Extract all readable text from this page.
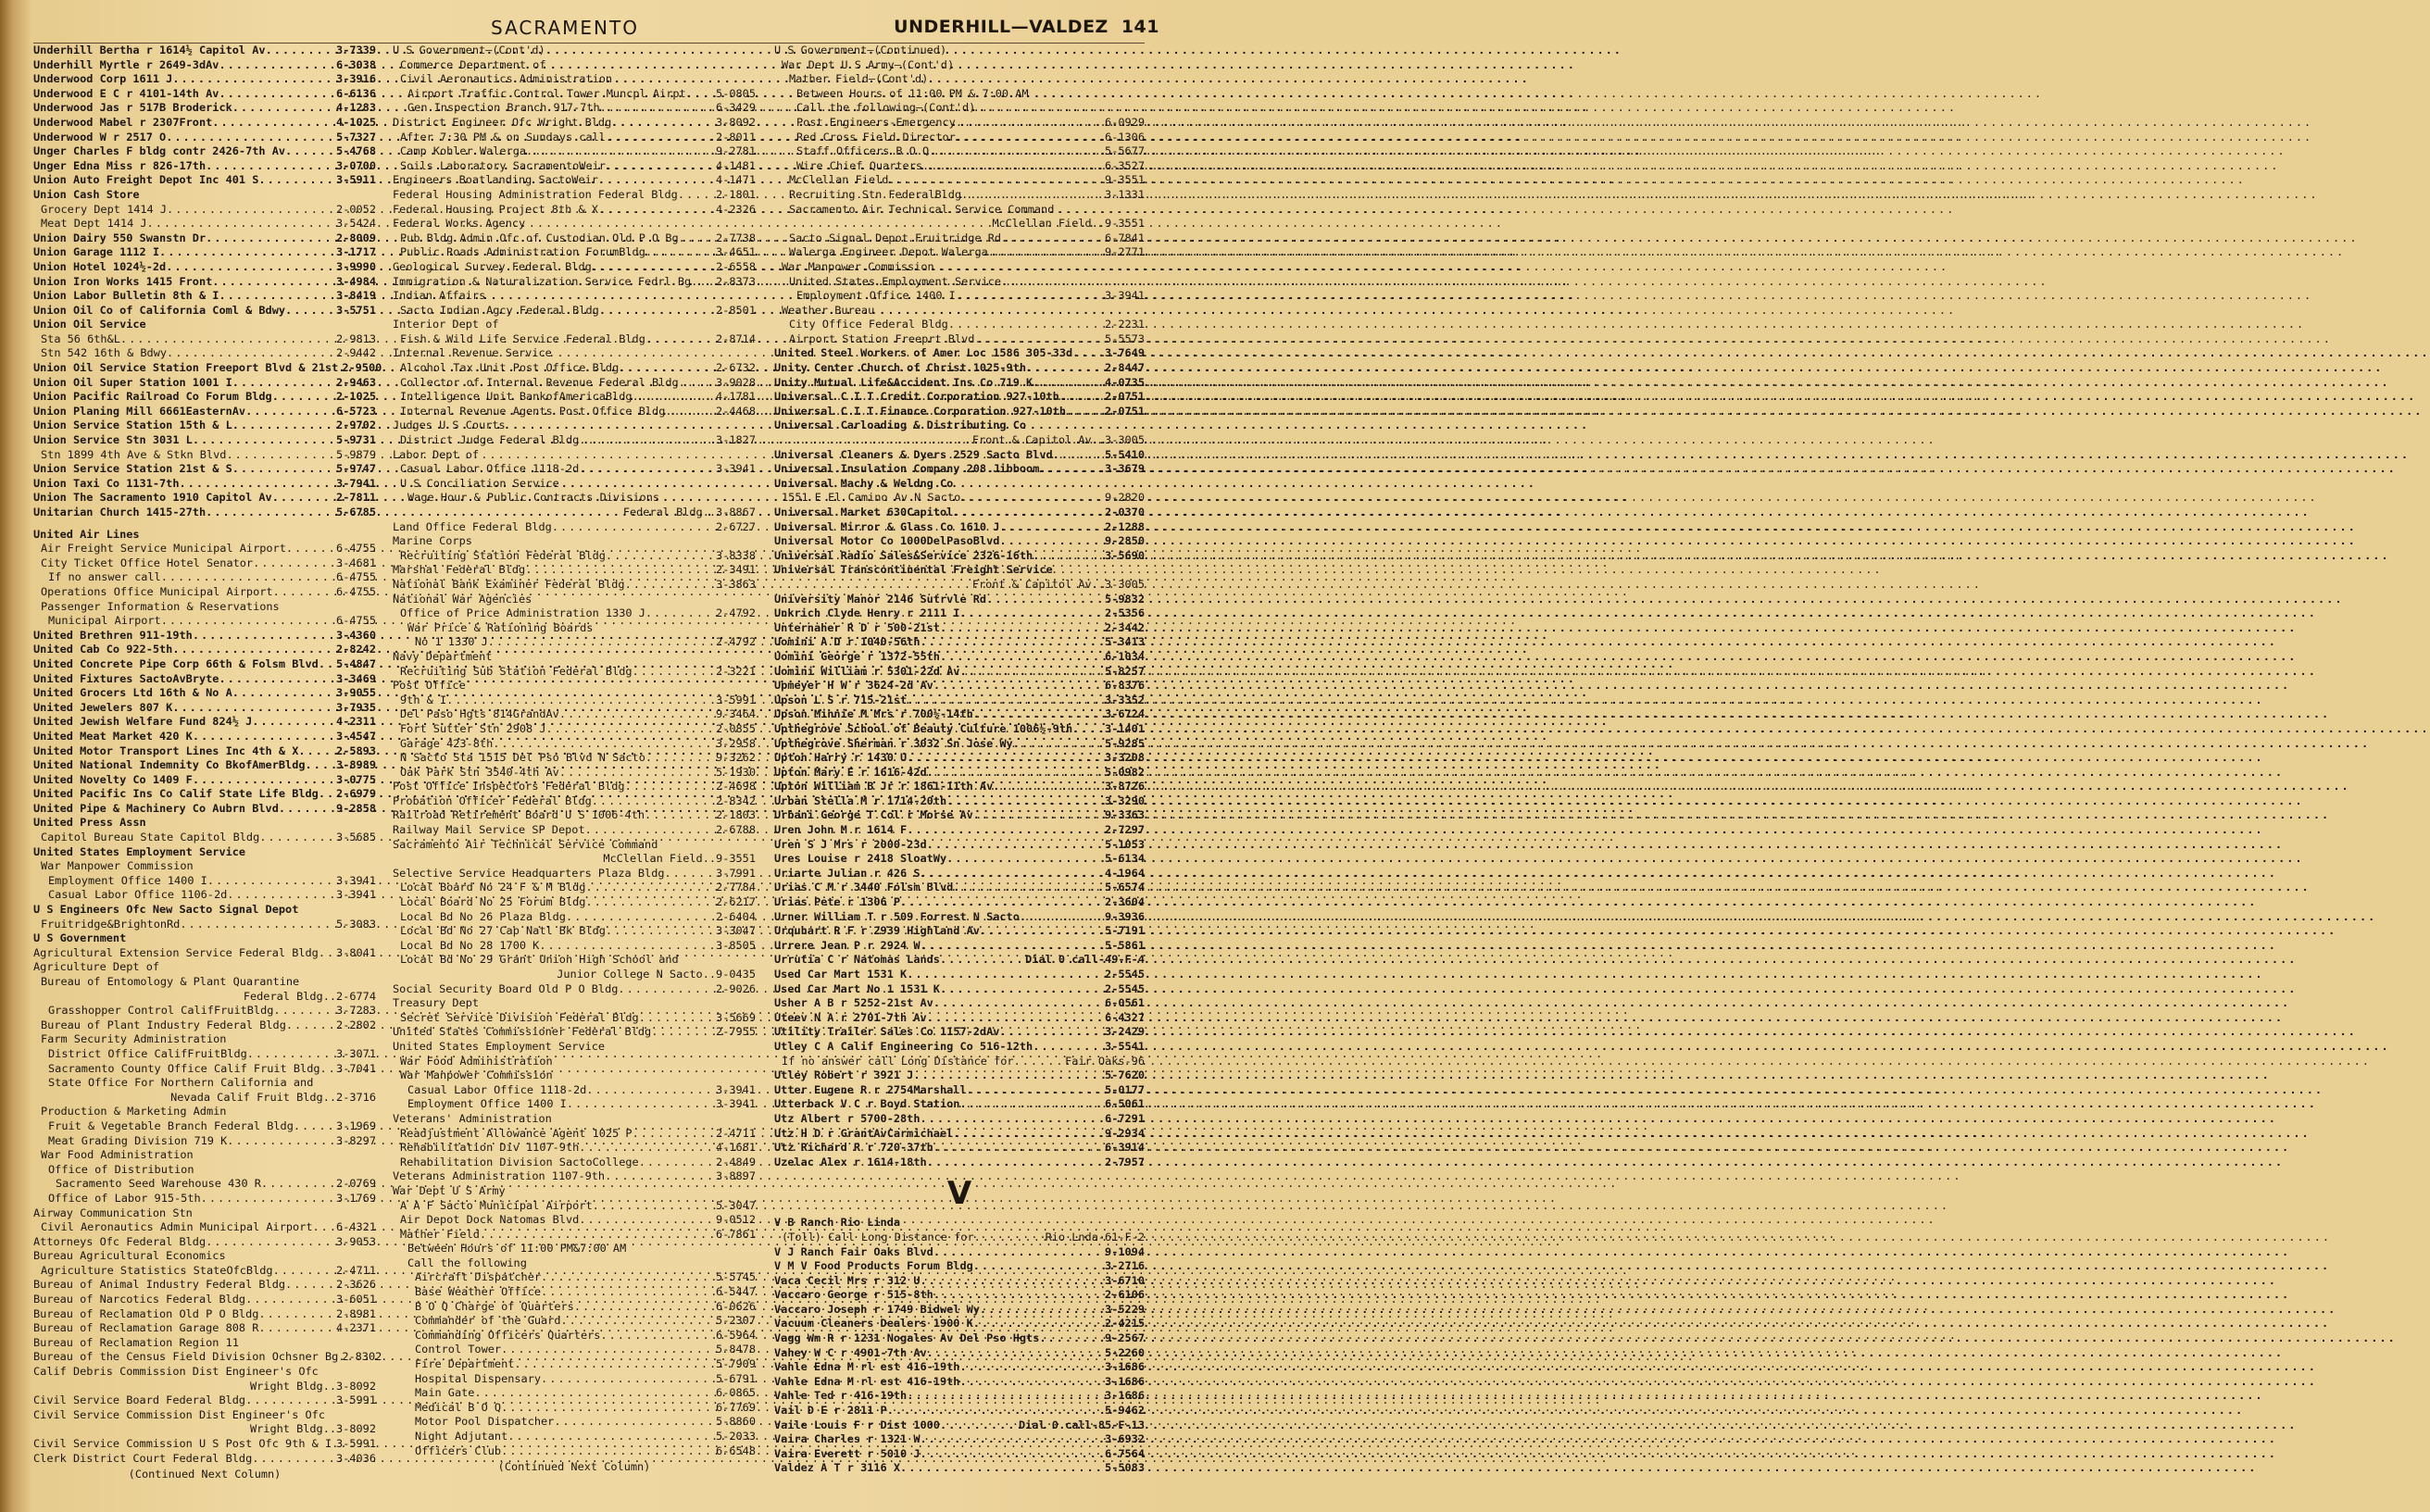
SACRAMENTO	UNDERHILL—VALDEZ 141
Underhill Bertha r 1614½ Capitol Av .....	3-7339
Underhill Myrtle r 2649-3dAv .....	6-3038
Underwood Corp 1611 J .....	3-3916
Underwood E C r 4101-14th Av .....	6-6136
Underwood Jas r 517B Broderick .....	4-1283
Underwood Mabel r 2307Front .....	4-1025
Underwood W r 2517 O .....	5-7327
Unger Charles F bldg contr 2426-7th Av .....	5-4768
Unger Edna Miss r 826-17th .....	3-0700
Union Auto Freight Depot Inc 401 S .....	3-5911
Union Cash Store
Grocery Dept 1414 J .....	2-0052
Meat Dept 1414 J .....	3-5424
Union Dairy 550 Swanstn Dr .....	2-8009
Union Garage 1112 I .....	3-1717
Union Hotel 1024½-2d .....	3-9990
Union Iron Works 1415 Front .....	3-4984
Union Labor Bulletin 8th & I .....	3-8419
Union Oil Co of California Coml & Bdwy .....	3-5751
Union Oil Service
Sta 56 6th&L .....	2-9813
Stn 542 16th & Bdwy .....	2-9442
Union Oil Service Station Freeport Blvd & 21st ..... 2-9500
Union Oil Super Station 1001 I .....	2-9463
Union Pacific Railroad Co Forum Bldg .....	2-1025
Union Planing Mill 6661EasternAv .....	6-5723
Union Service Station 15th & L .....	2-9702
Union Service Stn 3031 L .....	5-9731
Stn 1899 4th Ave & Stkn Blvd .....	5-9879
Union Service Station 21st & S .....	5-9747
Union Taxi Co 1131-7th .....	3-7941
Union The Sacramento 1910 Capitol Av .....	2-7811
Unitarian Church 1415-27th .....	5-6785
United Air Lines
Air Freight Service Municipal Airport .....	6-4755
City Ticket Office Hotel Senator .....	3-4681
If no answer call .....	6-4755
Operations Office Municipal Airport .....	6-4755
Passenger Information & Reservations
Municipal Airport .....	6-4755
United Brethren 911-19th .....	3-4360
United Cab Co 922-5th .....	2-8242
United Concrete Pipe Corp 66th & Folsm Blvd ..... 5-4847
United Fixtures SactoAvBryte .....	3-3469
United Grocers Ltd 16th & No A .....	3-9055
United Jewelers 807 K .....	3-7935
United Jewish Welfare Fund 824½ J .....	4-2311
United Meat Market 420 K .....	3-4547
United Motor Transport Lines Inc 4th & X .....	2-5893
United National Indemnity Co BkofAmerBldg .....	3-8989
United Novelty Co 1409 F .....	3-0775
United Pacific Ins Co Calif State Life Bldg ..... 2-6979
United Pipe & Machinery Co Aubrn Blvd .....	9-2858
United Press Assn
Capitol Bureau State Capitol Bldg .....	3-5685
United States Employment Service
War Manpower Commission
Employment Office 1400 I .....	3-3941
Casual Labor Office 1106-2d .....	3-3941
U S Engineers Ofc New Sacto Signal Depot
Fruitridge&BrightonRd .....	5-3083
U S Government
Agricultural Extension Service Federal Bldg ..... 3-8041
Agriculture Dept of
Bureau of Entomology & Plant Quarantine
Federal Bldg .. 2-6774
Grasshopper Control CalifFruitBldg .....	3-7283
Bureau of Plant Industry Federal Bldg .....	2-2802
Farm Security Administration
District Office CalifFruitBldg .....	3-3071
Sacramento County Office Calif Fruit Bldg ..... 3-7041
State Office For Northern California and
Nevada Calif Fruit Bldg .. 2-3716
Production & Marketing Admin
Fruit & Vegetable Branch Federal Bldg .....	3-1969
Meat Grading Division 719 K .....	3-8297
War Food Administration
Office of Distribution
Sacramento Seed Warehouse 430 R .....	2-0769
Office of Labor 915-5th .....	3-1769
Airway Communication Stn
Civil Aeronautics Admin Municipal Airport ..... 6-4321
Attorneys Ofc Federal Bldg .....	3-9053
Bureau Agricultural Economics
Agriculture Statistics StateOfcBldg .....	2-4711
Bureau of Animal Industry Federal Bldg .....	2-3626
Bureau of Narcotics Federal Bldg .....	3-6051
Bureau of Reclamation Old P O Bldg .....	2-8981
Bureau of Reclamation Garage 808 R .....	4-2371
Bureau of Reclamation Region 11
Bureau of the Census Field Division Ochsner Bg ..... 2-8302
Calif Debris Commission Dist Engineer's Ofc
Wright Bldg .. 3-8092
Civil Service Board Federal Bldg .....	3-5991
Civil Service Commission Dist Engineer's Ofc
Wright Bldg .. 3-8092
Civil Service Commission U S Post Ofc 9th & I ..... 3-5991
Clerk District Court Federal Bldg .....	3-4036
(Continued Next Column)
U S Government—(Cont'd)
Commerce Department of
Civil Aeronautics Administration
Airport Traffic Control Tower Muncpl Airpt .....	5-0805
Gen Inspection Branch 917-7th .....	6-3429
District Engineer Ofc Wright Bldg .....	3-8092
After 7:30 PM & on Sundays call .....	2-8011
Camp Kohler Walerga .....	9-2781
Soils Laboratory SacramentoWeir .....	4-1481
Engineers Boatlanding SactoWeir .....	4-1471
Federal Housing Administration Federal Bldg .....	2-1801
Federal Housing Project 8th & X .....	4-2326
Federal Works Agency
Pub Bldg Admin Ofc of Custodian Old P O Bg .....	2-7738
Public Roads Administration ForumBldg .....	3-4651
Geological Survey Federal Bldg .....	2-6558
Immigration & Naturalization Service Fedrl Bg ..... 2-8373
Indian Affairs
Sacto Indian Agcy Federal Bldg .....	2-8501
Interior Dept of
Fish & Wild Life Service Federal Bldg .....	2-8714
Internal Revenue Service
Alcohol Tax Unit Post Office Bldg .....	2-6732
Collector of Internal Revenue Federal Bldg .....	3-9028
Intelligence Unit BankofAmericaBldg .....	4-1781
Internal Revenue Agents Post Office Bldg .....	2-4468
Judges U S Courts
District Judge Federal Bldg .....	3-1827
Labor Dept of
Casual Labor Office 1118-2d .....	3-3941
U S Conciliation Service
Wage Hour & Public Contracts Divisions
Federal Bldg .. 3-8867
Land Office Federal Bldg .....	2-6727
Marine Corps
Recruiting Station Federal Bldg .....	3-8338
Marshal Federal Bldg .....	2-3491
National Bank Examiner Federal Bldg .....	3-3863
National War Agencies
Office of Price Administration 1330 J .....	2-4792
War Price & Rationing Boards
No 1 1330 J .....	2-4792
Navy Department
Recruiting Sub Station Federal Bldg .....	2-3221
Post Office
9th & I .....	3-5991
Del Paso Hgts 814GrandAv .....	9-3464
Fort Sutter Stn 2908 J .....	2-0855
Garage 423-8th .....	3-2958
N Sacto Sta 1515 Del Pso Blvd N Sacto .....	9-3262
Oak Park Stn 3540-4th Av .....	5-1930
Post Office Inspectors Federal Bldg .....	2-4698
Probation Officer Federal Bldg .....	2-8342
Railroad Retirement Board U S 1006-4th .....	2-1803
Railway Mail Service SP Depot .....	2-6788
Sacramento Air Technical Service Command
McClellan Field .. 9-3551
Selective Service Headquarters Plaza Bldg .....	3-7991
Local Board No 24 F & M Bldg .....	2-7784
Local Board No 25 Forum Bldg .....	2-6217
Local Bd No 26 Plaza Bldg .....	2-6404
Local Bd No 27 Cap Natl Bk Bldg .....	3-3047
Local Bd No 28 1700 K .....	3-8505
Local Bd No 29 Grant Union High School and
Junior College N Sacto .. 9-0435
Social Security Board Old P O Bldg .....	2-9026
Treasury Dept
Secret Service Division Federal Bldg .....	3-5669
United States Commissioner Federal Bldg .....	2-7955
United States Employment Service
War Food Administration
War Manpower Commission
Casual Labor Office 1118-2d .....	3-3941
Employment Office 1400 I .....	3-3941
Veterans' Administration
Readjustment Allowance Agent 1025 P .....	2-4711
Rehabilitation Div 1107-9th .....	4-1681
Rehabilitation Division SactoCollege .....	2-4849
Veterans Administration 1107-9th .....	3-8897
War Dept U S Army
A A F Sacto Municipal Airport .....	5-3047
Air Depot Dock Natomas Blvd .....	9-0512
Mather Field .....	6-7861
Between Hours of 11:00 PM&7:00 AM
Call the following
Aircraft Dispatcher .....	5-5745
Base Weather Office .....	6-5447
B O Q Charge of Quarters .....	6-0626
Commander of the Guard .....	5-2307
Commanding Officers Quarters .....	6-5964
Control Tower .....	5-8478
Fire Department .....	5-7909
Hospital Dispensary .....	5-6791
Main Gate .....	6-0865
Medical B O Q .....	6-7769
Motor Pool Dispatcher .....	5-8860
Night Adjutant .....	5-2033
Officers Club .....	6-6548
(Continued Next Column)
U S Government—(Continued)
War Dept U S Army—(Cont'd)
Mather Field—(Cont'd)
Between Hours of 11:00 PM & 7:00 AM
Call the following—(Cont'd)
Post Engineers-Emergency .....	6-0929
Red Cross Field Director .....	6-1306
Staff Officers B O Q .....	5-5677
Wire Chief Quarters .....	6-3527
McClellan Field .....	9-3551
Recruiting Stn FederalBldg .....	3-1331
Sacramento Air Technical Service Command
McClellan Field .. 9-3551
Sacto Signal Depot Fruitridge Rd .....	6-7841
Walerga Engineer Depot Walerga .....	9-2771
War Manpower Commission
United States Employment Service
Employment Office 1400 I .....	3-3941
Weather Bureau
City Office Federal Bldg .....	2-2231
Airport Station Freeprt Blvd .....	5-5573
United Steel Workers of Amer Loc 1586 305-33d .....	3-7649
Unity Center Church of Christ 1025-9th .....	2-8447
Unity Mutual Life&Accident Ins Co 719 K .....	4-0735
Universal C I T Credit Corporation 927-10th .....	2-0751
Universal C I T Finance Corporation 927-10th .....	2-0751
Universal Carloading & Distributing Co
Front & Capitol Av .. 3-3005
Universal Cleaners & Dyers 2529 Sacto Blvd .....	5-5410
Universal Insulation Company 208 Jibboom .....	3-3679
Universal Machy & Weldng Co
1551 E El Camino Av N Sacto .....	9-2820
Universal Market 630Capitol .....	2-0370
Universal Mirror & Glass Co 1610 J .....	2-1288
Universal Motor Co 1000DelPasoBlvd .....	9-2850
Universal Radio Sales&Service 2326-16th .....	3-5690
Universal Transcontinental Freight Service
Front & Capitol Av .. 3-3005
University Manor 2146 Sutrvle Rd .....	5-9832
Unkrich Clyde Henry r 2111 I .....	2-5356
Unternaher R D r 500-21st .....	2-3442
Uomini A D r 1040-56th .....	5-3413
Uomini George r 1372-55th .....	6-1034
Uomini William r 5301-22d Av .....	5-8257
Upmeyer H W r 3624-2d Av .....	6-8376
Upson L S r 715-21st .....	3-3352
Upson Minnie M Mrs r 700½-14th .....	3-6724
Upthegrove School of Beauty Culture 1006½-9th .....	3-1401
Upthegrove Sherman r 3032 Sn Jose Wy .....	5-9285
Upton Harry r 1430 U .....	3-3208
Upton Mary E r 1616-42d .....	5-0982
Upton William B Jr r 1861-11th Av .....	3-8726
Urban Stella M r 1714-20th .....	3-3290
Urbani George T Col r Morse Av .....	9-3363
Uren John M r 1614 F .....	2-7297
Uren S J Mrs r 2000-23d .....	5-1053
Ures Louise r 2418 SloatWy .....	5-6134
Uriarte Julian r 426 S .....	4-1964
Urias C M r 3440 Folsm Blvd .....	5-6574
Urias Pete r 1306 P .....	2-3604
Urner William T r 509 Forrest N Sacto .....	9-3936
Urquhart R F r 2939 Highland Av .....	5-7191
Urrere Jean P r 2924 W .....	5-5861
Urrutia C r Natomas Lands .....	Dial 0 call-49-F-4
Used Car Mart 1531 K .....	2-5545
Used Car Mart No 1 1531 K .....	2-5545
Usher A B r 5252-21st Av .....	6-0561
Uteev N A r 2701-7th Av .....	6-4327
Utility Trailer Sales Co 1157-2dAv .....	3-2429
Utley C A Calif Engineering Co 516-12th .....	3-5541
If no answer call Long Distance for .....	Fair Oaks-96
Utley Robert r 3921 J .....	5-7620
Utter Eugene R r 2754Marshall .....	5-0177
Utterback V C r Boyd Station .....	6-5061
Utz Albert r 5700-28th .....	6-7291
Utz H D r GrantAvCarmichael .....	9-2934
Utz Richard R r 720-37th .....	6-3914
Uzelac Alex r 1614-18th .....	2-7957
V
V B Ranch Rio Linda
(Toll) Call Long Distance for .....	Rio Lnda-61-F-2
V J Ranch Fair Oaks Blvd .....	9-1094
V M V Food Products Forum Bldg .....	3-2716
Vaca Cecil Mrs r 312 U .....	3-6710
Vaccaro George r 515-8th .....	2-6106
Vaccaro Joseph r 1749 Bidwel Wy .....	3-5229
Vacuum Cleaners Dealers 1900 K .....	2-4215
Vagg Wm R r 1231 Nogales Av Del Pso Hgts .....	9-2567
Vahey W C r 4901-7th Av .....	5-2260
Vahle Edna M rl est 416-19th .....	3-1686
Vahle Edna M rl est 416-19th .....	3-1686
Vahle Ted r 416-19th .....	3-1686
Vail D E r 2811 P .....	5-9462
Vaile Louis F r Dist 1000 .....	Dial 0 call-85-F-13
Vaira Charles r 1321 W .....	3-6932
Vaira Everett r 5010 J .....	6-7564
Valdez A T r 3116 X .....	5-5083
